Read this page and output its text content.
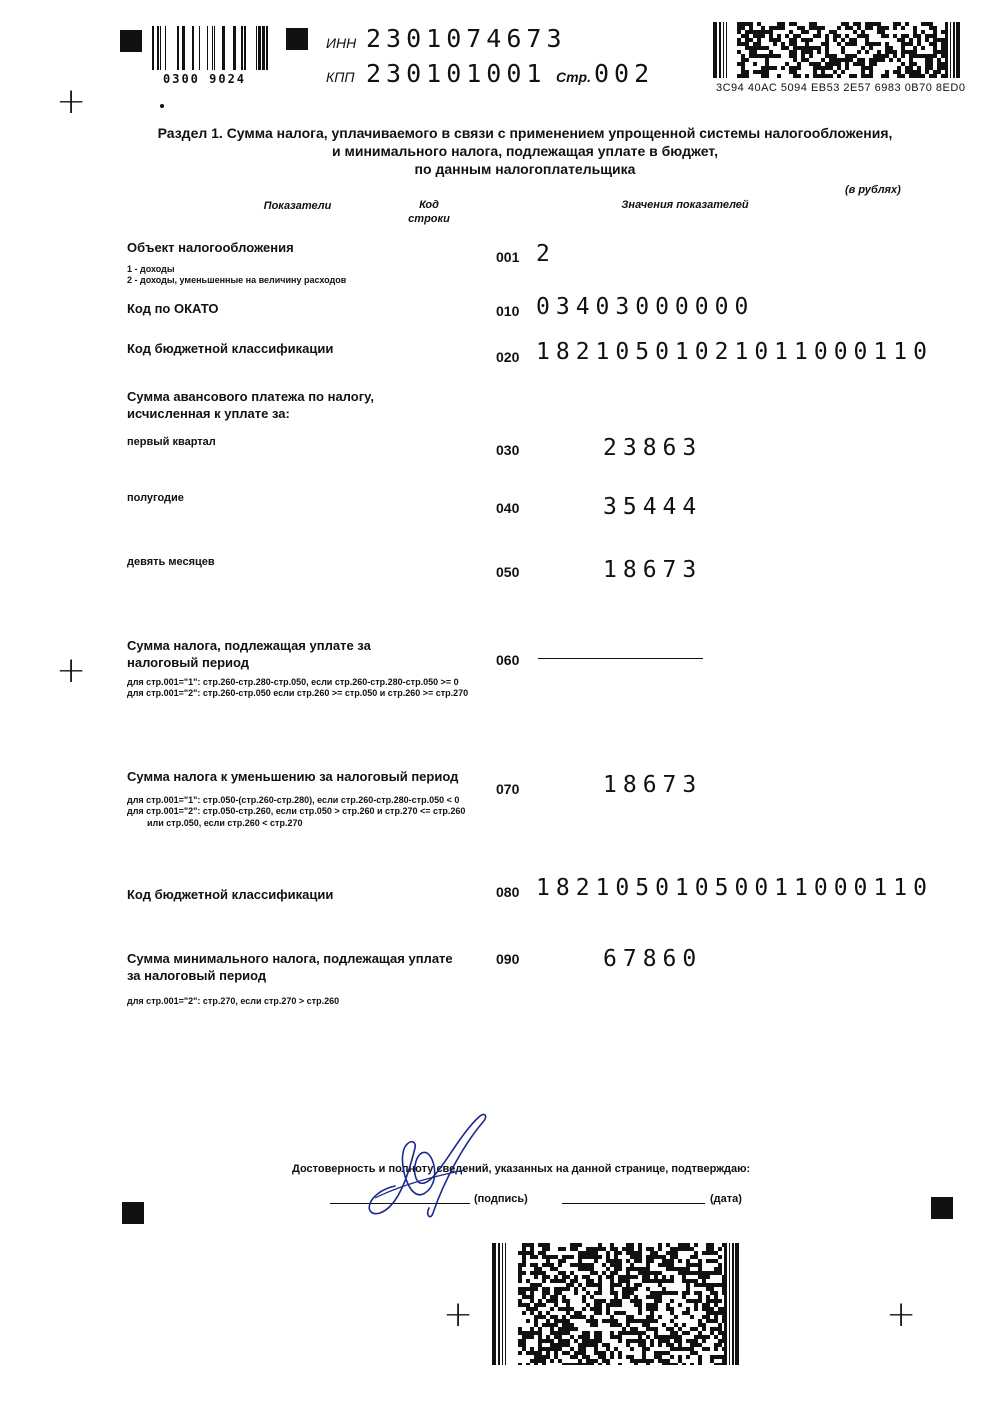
+
+
+	+
0300 9024
ИНН 2301074673
КПП 230101001 Стр. 002	3C94 40AC 5094 EB53 2E57 6983 0B70 8ED0
Раздел 1. Сумма налога, уплачиваемого в связи с применением упрощенной системы налогообложения,
и минимального налога, подлежащая уплате в бюджет,
по данным налогоплательщика
(в рублях)
Показатели	Код
строки
Значения показателей
Объект налогообложения
1 - доходы
2 - доходы, уменьшенные на величину расходов
001 2
Код по ОКАТО	010 03403000000
Код бюджетной классификации
020 18210501021011000110
Сумма авансового платежа по налогу,
исчисленная к уплате за:
первый квартал	030	23863
полугодие
040	35444
девять месяцев
050	18673
Сумма налога, подлежащая уплате за
налоговый период
для стр.001="1": стр.260-стр.280-стр.050, если стр.260-стр.280-стр.050 >= 0
для стр.001="2": стр.260-стр.050 если стр.260 >= стр.050 и стр.260 >= стр.270
060
Сумма налога к уменьшению за налоговый период
для стр.001="1": стр.050-(стр.260-стр.280), если стр.260-стр.280-стр.050 < 0
для стр.001="2": стр.050-стр.260, если стр.050 > стр.260 и стр.270 <= стр.260
или стр.050, если стр.260 < стр.270
070	18673
Код бюджетной классификации	080 18210501050011000110
Сумма минимального налога, подлежащая уплате
за налоговый период
для стр.001="2": стр.270, если стр.270 > стр.260
090	67860
Достоверность и полноту сведений, указанных на данной странице, подтверждаю:
(подпись)	(дата)
